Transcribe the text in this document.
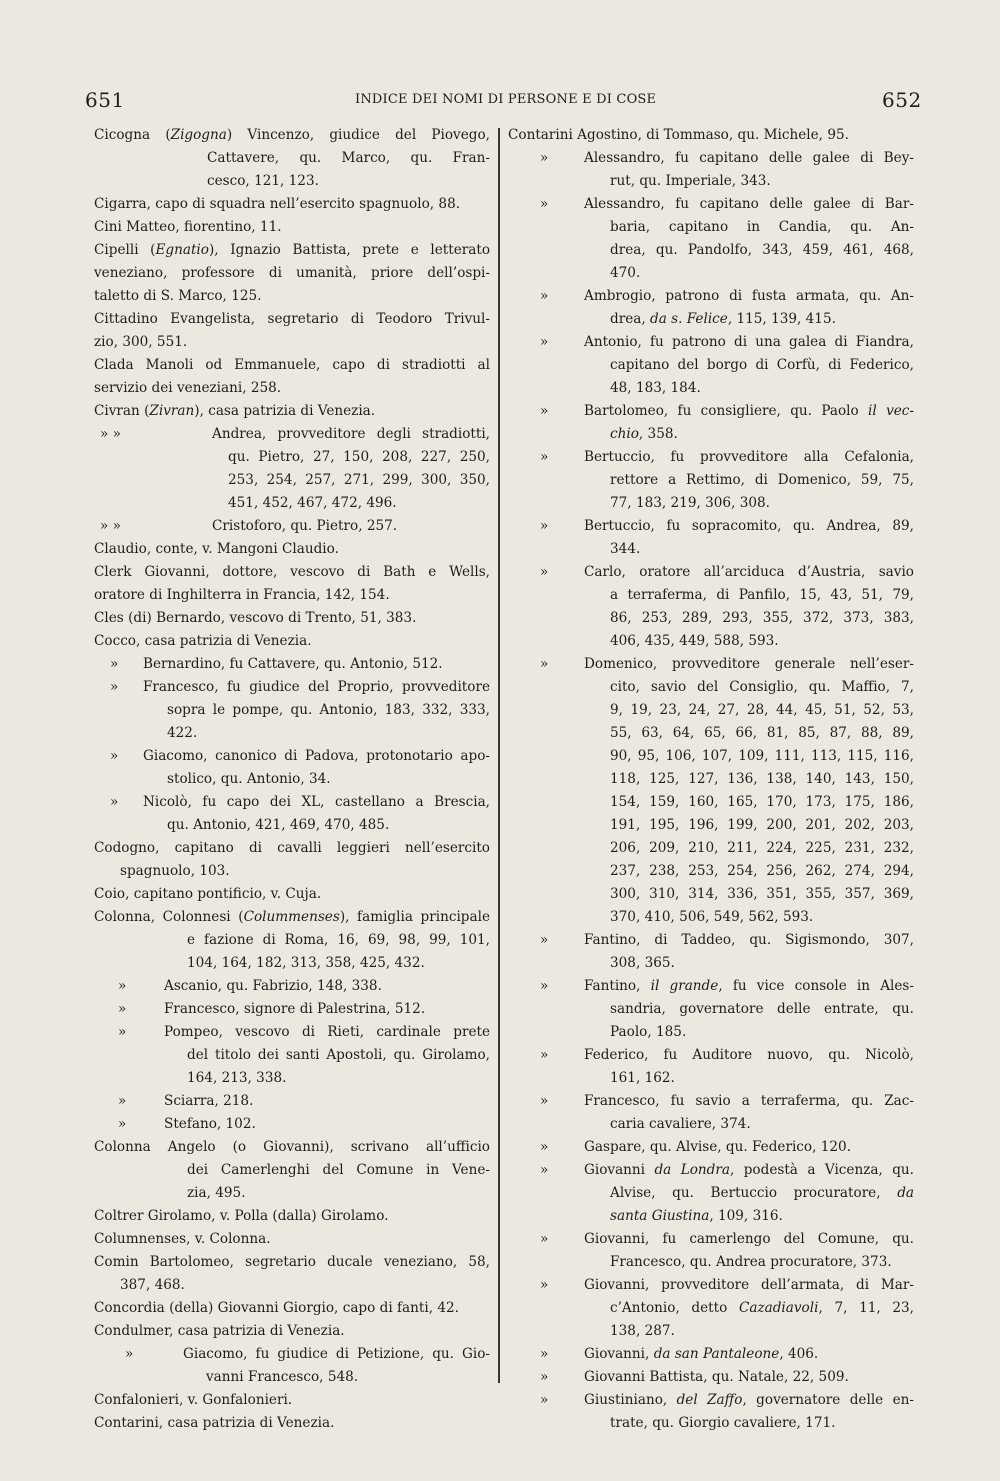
651	INDICE DEI NOMI DI PERSONE E DI COSE	652
Cicogna (Zigogna) Vincenzo, giudice del Piovego,
Cattavere, qu. Marco, qu. Fran-
cesco, 121, 123.
Cigarra, capo di squadra nell’esercito spagnuolo, 88.
Cini Matteo, fiorentino, 11.
Cipelli (Egnatio), Ignazio Battista, prete e letterato
veneziano, professore di umanità, priore dell’ospi-
taletto di S. Marco, 125.
Cittadino Evangelista, segretario di Teodoro Trivul-
zio, 300, 551.
Clada Manoli od Emmanuele, capo di stradiotti al
servizio dei veneziani, 258.
Civran (Zivran), casa patrizia di Venezia.
» »	Andrea, provveditore degli stradiotti,
qu. Pietro, 27, 150, 208, 227, 250,
253, 254, 257, 271, 299, 300, 350,
451, 452, 467, 472, 496.
» »	Cristoforo, qu. Pietro, 257.
Claudio, conte, v. Mangoni Claudio.
Clerk Giovanni, dottore, vescovo di Bath e Wells,
oratore di Inghilterra in Francia, 142, 154.
Cles (di) Bernardo, vescovo di Trento, 51, 383.
Cocco, casa patrizia di Venezia.
» Bernardino, fu Cattavere, qu. Antonio, 512.
» Francesco, fu giudice del Proprio, provveditore
sopra le pompe, qu. Antonio, 183, 332, 333,
422.
» Giacomo, canonico di Padova, protonotario apo-
stolico, qu. Antonio, 34.
» Nicolò, fu capo dei XL, castellano a Brescia,
qu. Antonio, 421, 469, 470, 485.
Codogno, capitano di cavalli leggieri nell’esercito
spagnuolo, 103.
Coio, capitano pontificio, v. Cuja.
Colonna, Colonnesi (Colummenses), famiglia principale
e fazione di Roma, 16, 69, 98, 99, 101,
104, 164, 182, 313, 358, 425, 432.
»	Ascanio, qu. Fabrizio, 148, 338.
»	Francesco, signore di Palestrina, 512.
»	Pompeo, vescovo di Rieti, cardinale prete
del titolo dei santi Apostoli, qu. Girolamo,
164, 213, 338.
»	Sciarra, 218.
»	Stefano, 102.
Colonna Angelo (o Giovanni), scrivano all’ufficio
dei Camerlenghi del Comune in Vene-
zia, 495.
Coltrer Girolamo, v. Polla (dalla) Girolamo.
Columnenses, v. Colonna.
Comin Bartolomeo, segretario ducale veneziano, 58,
387, 468.
Concordia (della) Giovanni Giorgio, capo di fanti, 42.
Condulmer, casa patrizia di Venezia.
»	Giacomo, fu giudice di Petizione, qu. Gio-
vanni Francesco, 548.
Confalonieri, v. Gonfalonieri.
Contarini, casa patrizia di Venezia.
Contarini Agostino, di Tommaso, qu. Michele, 95.
»	Alessandro, fu capitano delle galee di Bey-
rut, qu. Imperiale, 343.
»	Alessandro, fu capitano delle galee di Bar-
baria, capitano in Candia, qu. An-
drea, qu. Pandolfo, 343, 459, 461, 468,
470.
»	Ambrogio, patrono di fusta armata, qu. An-
drea, da s. Felice, 115, 139, 415.
»	Antonio, fu patrono di una galea di Fiandra,
capitano del borgo di Corfù, di Federico,
48, 183, 184.
»	Bartolomeo, fu consigliere, qu. Paolo il vec-
chio, 358.
»	Bertuccio, fu provveditore alla Cefalonia,
rettore a Rettimo, di Domenico, 59, 75,
77, 183, 219, 306, 308.
»	Bertuccio, fu sopracomito, qu. Andrea, 89,
344.
»	Carlo, oratore all’arciduca d’Austria, savio
a terraferma, di Panfilo, 15, 43, 51, 79,
86, 253, 289, 293, 355, 372, 373, 383,
406, 435, 449, 588, 593.
»	Domenico, provveditore generale nell’eser-
cito, savio del Consiglio, qu. Maffio, 7,
9, 19, 23, 24, 27, 28, 44, 45, 51, 52, 53,
55, 63, 64, 65, 66, 81, 85, 87, 88, 89,
90, 95, 106, 107, 109, 111, 113, 115, 116,
118, 125, 127, 136, 138, 140, 143, 150,
154, 159, 160, 165, 170, 173, 175, 186,
191, 195, 196, 199, 200, 201, 202, 203,
206, 209, 210, 211, 224, 225, 231, 232,
237, 238, 253, 254, 256, 262, 274, 294,
300, 310, 314, 336, 351, 355, 357, 369,
370, 410, 506, 549, 562, 593.
»	Fantino, di Taddeo, qu. Sigismondo, 307,
308, 365.
»	Fantino, il grande, fu vice console in Ales-
sandria, governatore delle entrate, qu.
Paolo, 185.
»	Federico, fu Auditore nuovo, qu. Nicolò,
161, 162.
»	Francesco, fu savio a terraferma, qu. Zac-
caria cavaliere, 374.
»	Gaspare, qu. Alvise, qu. Federico, 120.
»	Giovanni da Londra, podestà a Vicenza, qu.
Alvise, qu. Bertuccio procuratore, da
santa Giustina, 109, 316.
»	Giovanni, fu camerlengo del Comune, qu.
Francesco, qu. Andrea procuratore, 373.
»	Giovanni, provveditore dell’armata, di Mar-
c’Antonio, detto Cazadiavoli, 7, 11, 23,
138, 287.
»	Giovanni, da san Pantaleone, 406.
»	Giovanni Battista, qu. Natale, 22, 509.
»	Giustiniano, del Zaffo, governatore delle en-
trate, qu. Giorgio cavaliere, 171.
